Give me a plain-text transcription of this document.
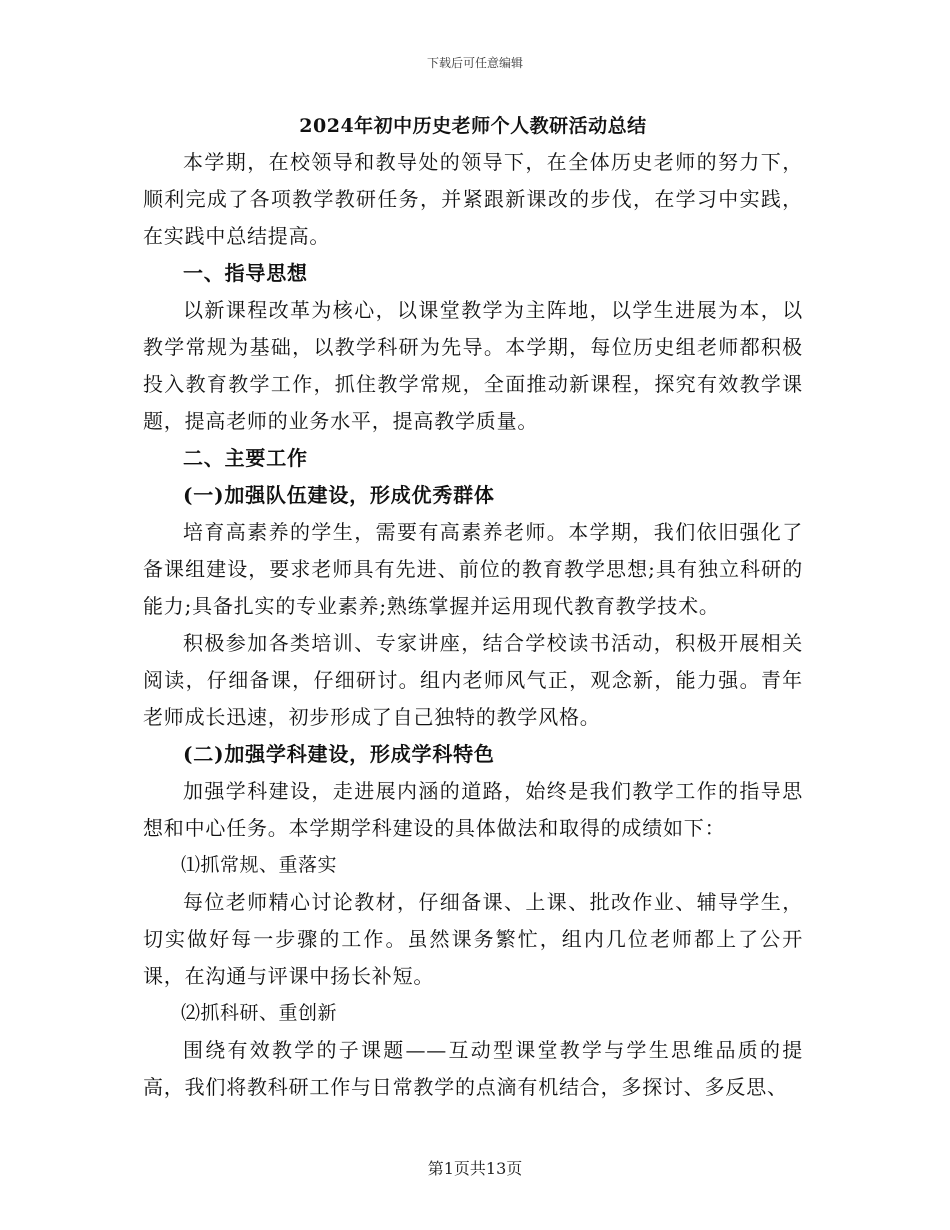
下载后可任意编辑

2024年初中历史老师个人教研活动总结

本学期，在校领导和教导处的领导下，在全体历史老师的努力下，顺利完成了各项教学教研任务，并紧跟新课改的步伐，在学习中实践，在实践中总结提高。

一、指导思想

以新课程改革为核心，以课堂教学为主阵地，以学生进展为本，以教学常规为基础，以教学科研为先导。本学期，每位历史组老师都积极投入教育教学工作，抓住教学常规，全面推动新课程，探究有效教学课题，提高老师的业务水平，提高教学质量。

二、主要工作

(一)加强队伍建设，形成优秀群体

培育高素养的学生，需要有高素养老师。本学期，我们依旧强化了备课组建设，要求老师具有先进、前位的教育教学思想;具有独立科研的能力;具备扎实的专业素养;熟练掌握并运用现代教育教学技术。

积极参加各类培训、专家讲座，结合学校读书活动，积极开展相关阅读，仔细备课，仔细研讨。组内老师风气正，观念新，能力强。青年老师成长迅速，初步形成了自己独特的教学风格。

(二)加强学科建设，形成学科特色

加强学科建设，走进展内涵的道路，始终是我们教学工作的指导思想和中心任务。本学期学科建设的具体做法和取得的成绩如下：

⑴抓常规、重落实

每位老师精心讨论教材，仔细备课、上课、批改作业、辅导学生，切实做好每一步骤的工作。虽然课务繁忙，组内几位老师都上了公开课，在沟通与评课中扬长补短。

⑵抓科研、重创新

围绕有效教学的子课题——互动型课堂教学与学生思维品质的提高，我们将教科研工作与日常教学的点滴有机结合，多探讨、多反思、

第1页共13页
